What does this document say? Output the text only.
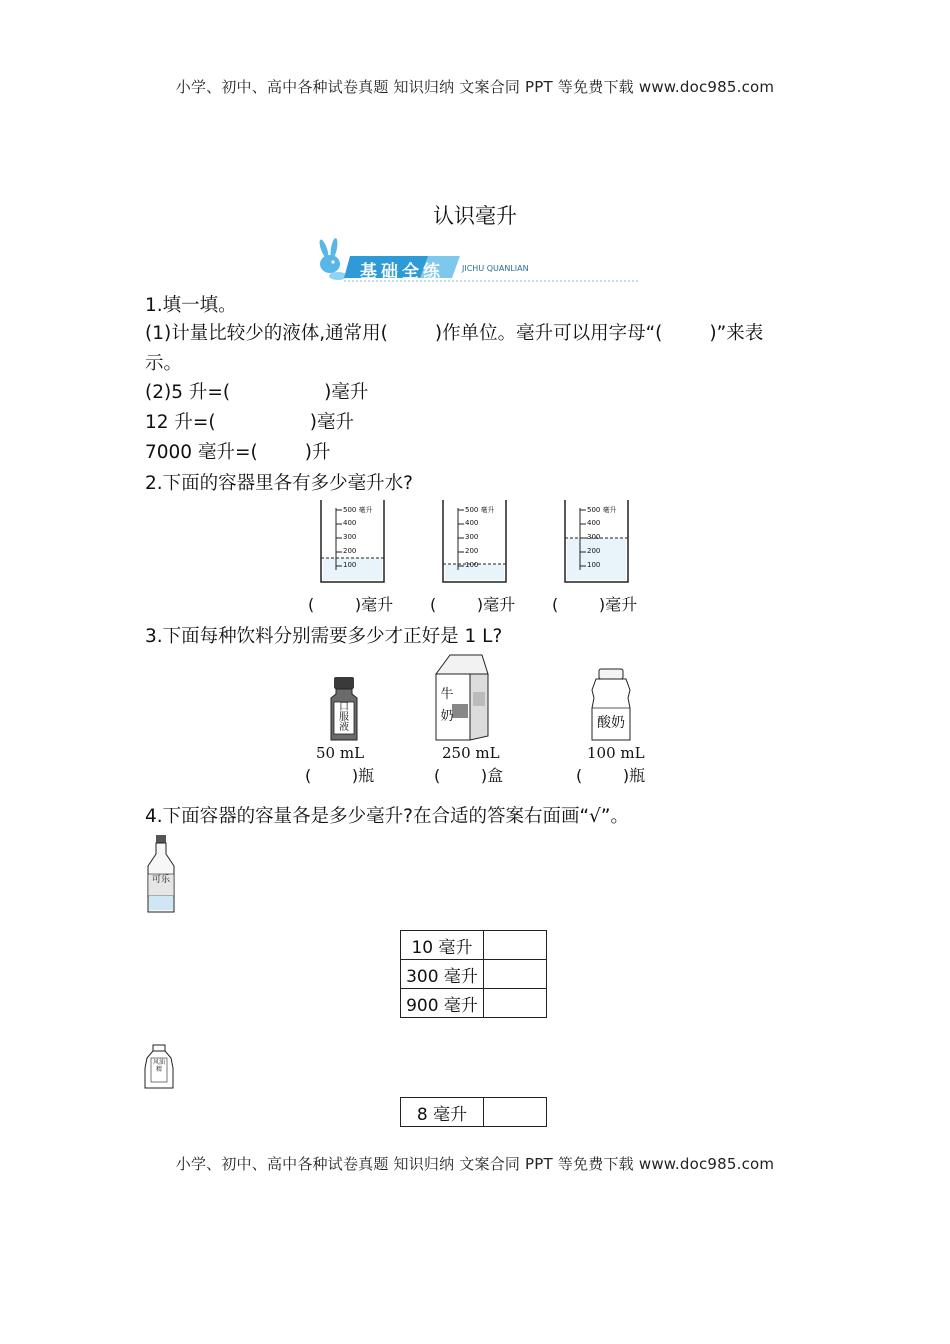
小学、初中、高中各种试卷真题 知识归纳 文案合同 PPT 等免费下载 www.doc985.com
小学、初中、高中各种试卷真题 知识归纳 文案合同 PPT 等免费下载 www.doc985.com
认识毫升
基础全练 JICHU QUANLIAN
1.填一填。
(1)计量比较少的液体,通常用(        )作单位。毫升可以用字母“(        )”来表
示。
(2)5 升=(                )毫升
12 升=(                )毫升
7000 毫升=(        )升
2.下面的容器里各有多少毫升水?
500 毫升
400
300
200
100
500 毫升
400
300
200
100
500 毫升
400
300
200
100
(        )毫升 (        )毫升 (        )毫升
3.下面每种饮料分别需要多少才正好是 1 L?
口服液
牛奶	酸奶
50 mL	250 mL	100 mL
(        )瓶	(        )盒	(        )瓶
4.下面容器的容量各是多少毫升?在合适的答案右面画“√”。
可乐
10 毫升	
300 毫升	
900 毫升	
风油精
8 毫升	
